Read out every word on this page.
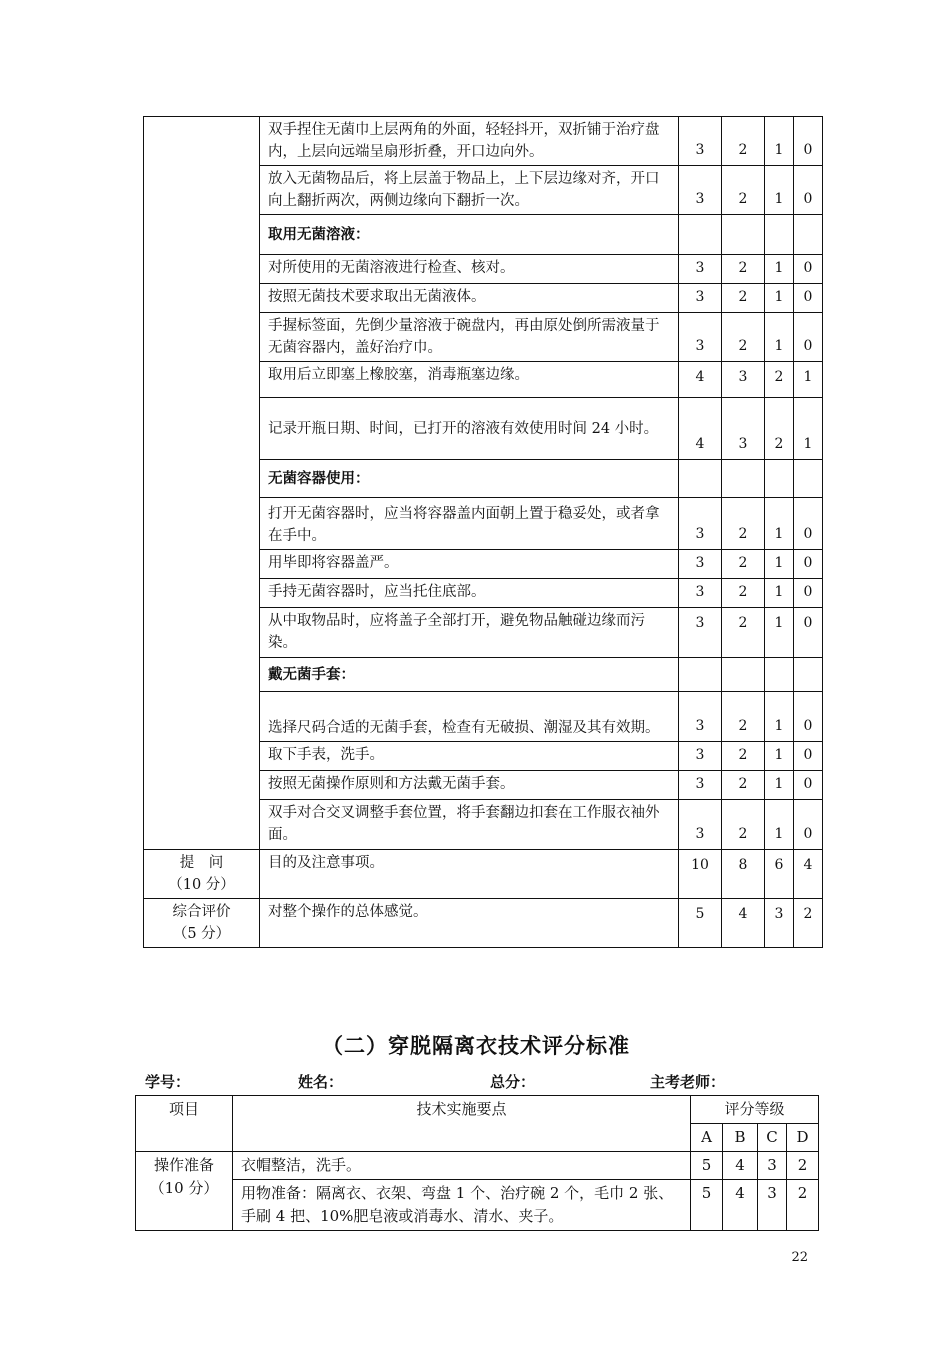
	双手捏住无菌巾上层两角的外面，轻轻抖开，双折铺于治疗盘内，上层向远端呈扇形折叠，开口边向外。	3	2	1	0
	放入无菌物品后，将上层盖于物品上，上下层边缘对齐，开口向上翻折两次，两侧边缘向下翻折一次。	3	2	1	0
	取用无菌溶液：				
	对所使用的无菌溶液进行检查、核对。	3	2	1	0
	按照无菌技术要求取出无菌液体。	3	2	1	0
	手握标签面，先倒少量溶液于碗盘内，再由原处倒所需液量于无菌容器内，盖好治疗巾。	3	2	1	0
	取用后立即塞上橡胶塞，消毒瓶塞边缘。	4	3	2	1
	记录开瓶日期、时间，已打开的溶液有效使用时间 24 小时。	4	3	2	1
	无菌容器使用：				
	打开无菌容器时，应当将容器盖内面朝上置于稳妥处，或者拿在手中。	3	2	1	0
	用毕即将容器盖严。	3	2	1	0
	手持无菌容器时，应当托住底部。	3	2	1	0
	从中取物品时，应将盖子全部打开，避免物品触碰边缘而污染。	3	2	1	0
	戴无菌手套：				
	选择尺码合适的无菌手套，检查有无破损、潮湿及其有效期。	3	2	1	0
	取下手表，洗手。	3	2	1	0
	按照无菌操作原则和方法戴无菌手套。	3	2	1	0
	双手对合交叉调整手套位置，将手套翻边扣套在工作服衣袖外面。	3	2	1	0

提　问
（10 分）	目的及注意事项。	10	8	6	4

综合评价
（5 分）	对整个操作的总体感觉。	5	4	3	2
（二）穿脱隔离衣技术评分标准
学号：	姓名：	总分：	主考老师：
项目	技术实施要点	评分等级			
		A	B	C	D

操作准备
（10 分）	衣帽整洁，洗手。	5	4	3	2
	用物准备：隔离衣、衣架、弯盘 1 个、治疗碗 2 个，毛巾 2 张、手刷 4 把、10%肥皂液或消毒水、清水、夹子。	5	4	3	2
22
